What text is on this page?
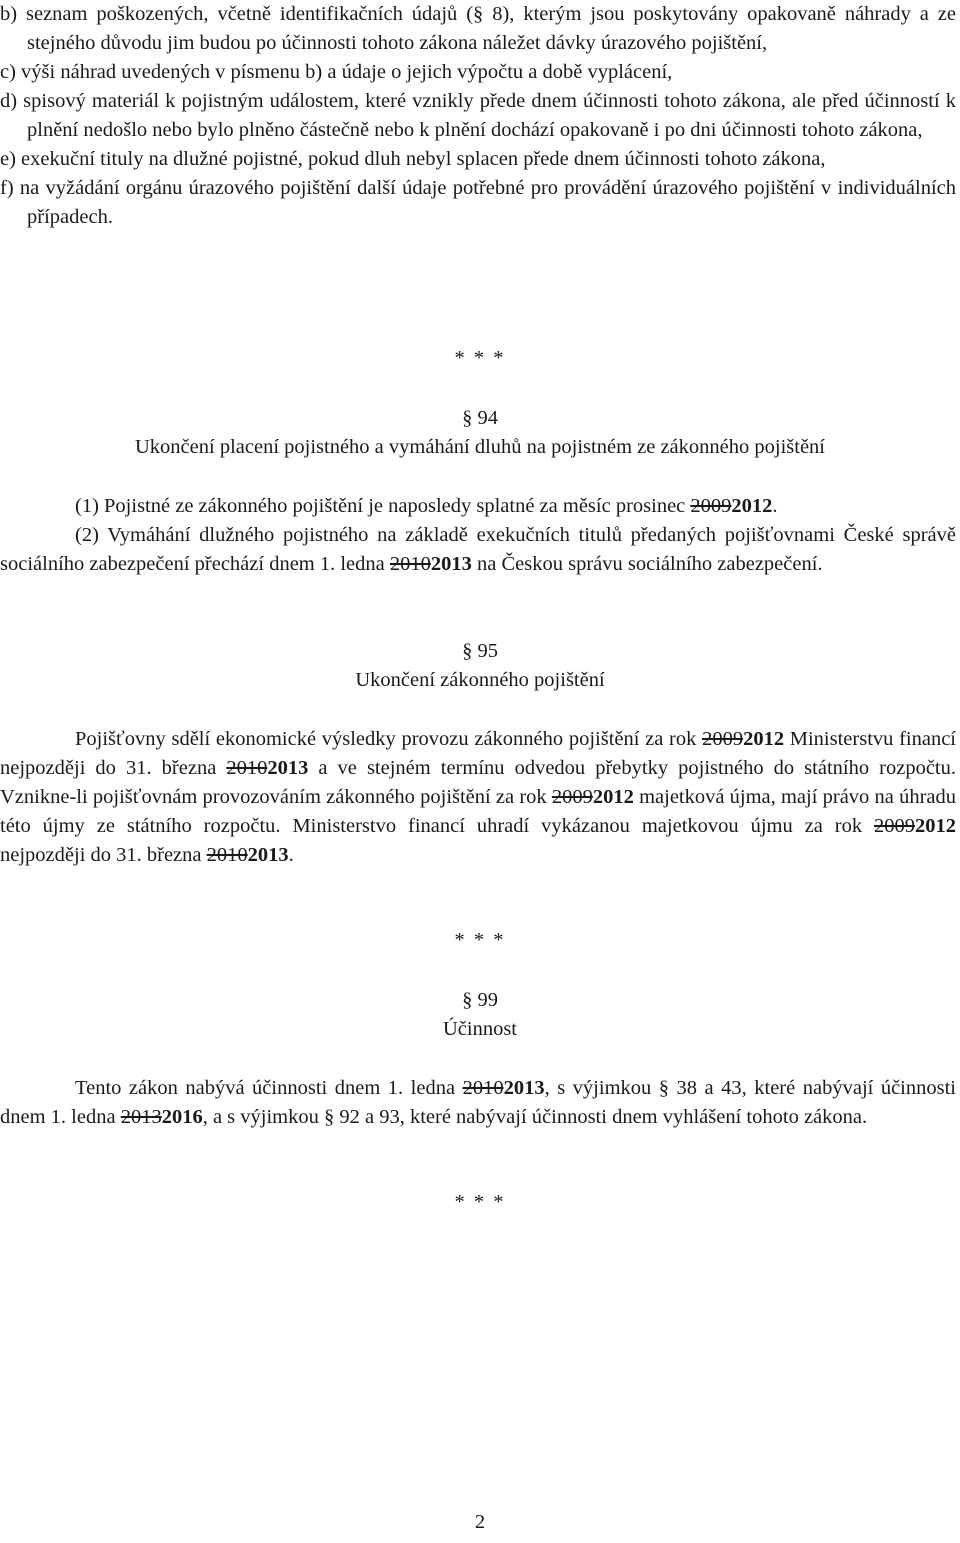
b) seznam poškozených, včetně identifikačních údajů (§ 8), kterým jsou poskytovány opakovaně náhrady a ze stejného důvodu jim budou po účinnosti tohoto zákona náležet dávky úrazového pojištění,
c) výši náhrad uvedených v písmenu b) a údaje o jejich výpočtu a době vyplácení,
d) spisový materiál k pojistným událostem, které vznikly přede dnem účinnosti tohoto zákona, ale před účinností k plnění nedošlo nebo bylo plněno částečně nebo k plnění dochází opakovaně i po dni účinnosti tohoto zákona,
e) exekuční tituly na dlužné pojistné, pokud dluh nebyl splacen přede dnem účinnosti tohoto zákona,
f) na vyžádání orgánu úrazového pojištění další údaje potřebné pro provádění úrazového pojištění v individuálních případech.
* * *
§ 94
Ukončení placení pojistného a vymáhání dluhů na pojistném ze zákonného pojištění
(1) Pojistné ze zákonného pojištění je naposledy splatné za měsíc prosinec 20092012.
(2) Vymáhání dlužného pojistného na základě exekučních titulů předaných pojišťovnami České správě sociálního zabezpečení přechází dnem 1. ledna 20102013 na Českou správu sociálního zabezpečení.
§ 95
Ukončení zákonného pojištění
Pojišťovny sdělí ekonomické výsledky provozu zákonného pojištění za rok 20092012 Ministerstvu financí nejpozději do 31. března 20102013 a ve stejném termínu odvedou přebytky pojistného do státního rozpočtu. Vznikne-li pojišťovnám provozováním zákonného pojištění za rok 20092012 majetková újma, mají právo na úhradu této újmy ze státního rozpočtu. Ministerstvo financí uhradí vykázanou majetkovou újmu za rok 20092012 nejpozději do 31. března 20102013.
* * *
§ 99
Účinnost
Tento zákon nabývá účinnosti dnem 1. ledna 20102013, s výjimkou § 38 a 43, které nabývají účinnosti dnem 1. ledna 20132016, a s výjimkou § 92 a 93, které nabývají účinnosti dnem vyhlášení tohoto zákona.
* * *
2
